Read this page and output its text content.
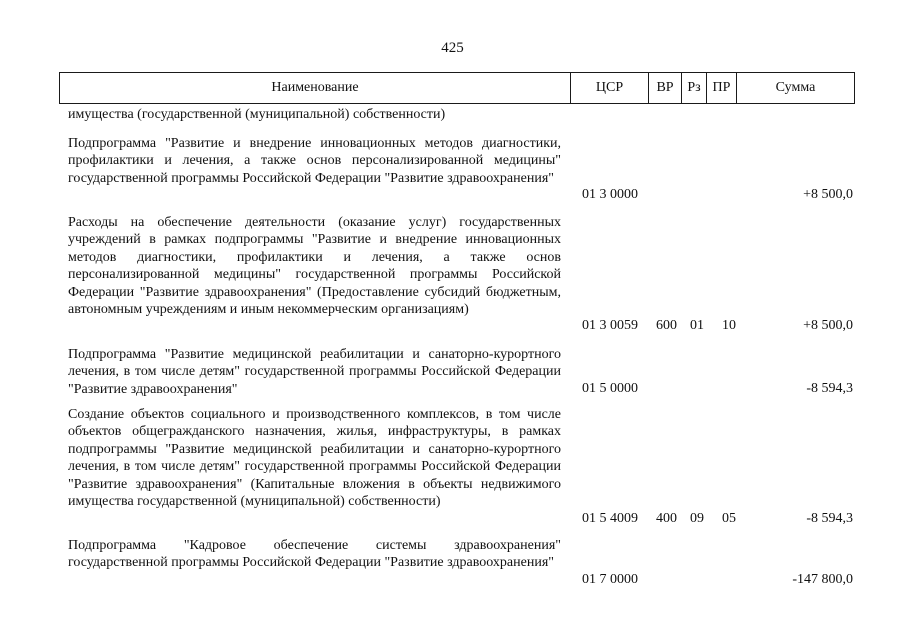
425
Наименование	ЦСР	ВР Рз ПР	Сумма
имущества (государственной (муниципальной) собственности)
Подпрограмма "Развитие и внедрение инновационных методов диагностики, профилактики и лечения, а также основ персонализированной медицины" государственной программы Российской Федерации "Развитие здравоохранения"
01 3 0000	+8 500,0
Расходы на обеспечение деятельности (оказание услуг) государственных учреждений в рамках подпрограммы "Развитие и внедрение инновационных методов диагностики, профилактики и лечения, а также основ персонализированной медицины" государственной программы Российской Федерации "Развитие здравоохранения" (Предоставление субсидий бюджетным, автономным учреждениям и иным некоммерческим организациям)
01 3 0059 600 01 10	+8 500,0
Подпрограмма "Развитие медицинской реабилитации и санаторно-курортного лечения, в том числе детям" государственной программы Российской Федерации "Развитие здравоохранения"	01 5 0000	-8 594,3
Создание объектов социального и производственного комплексов, в том числе объектов общегражданского назначения, жилья, инфраструктуры, в рамках подпрограммы "Развитие медицинской реабилитации и санаторно-курортного лечения, в том числе детям" государственной программы Российской Федерации "Развитие здравоохранения" (Капитальные вложения в объекты недвижимого имущества государственной (муниципальной) собственности)
01 5 4009 400 09 05	-8 594,3
Подпрограмма "Кадровое обеспечение системы здравоохранения" государственной программы Российской Федерации "Развитие здравоохранения"
01 7 0000	-147 800,0
